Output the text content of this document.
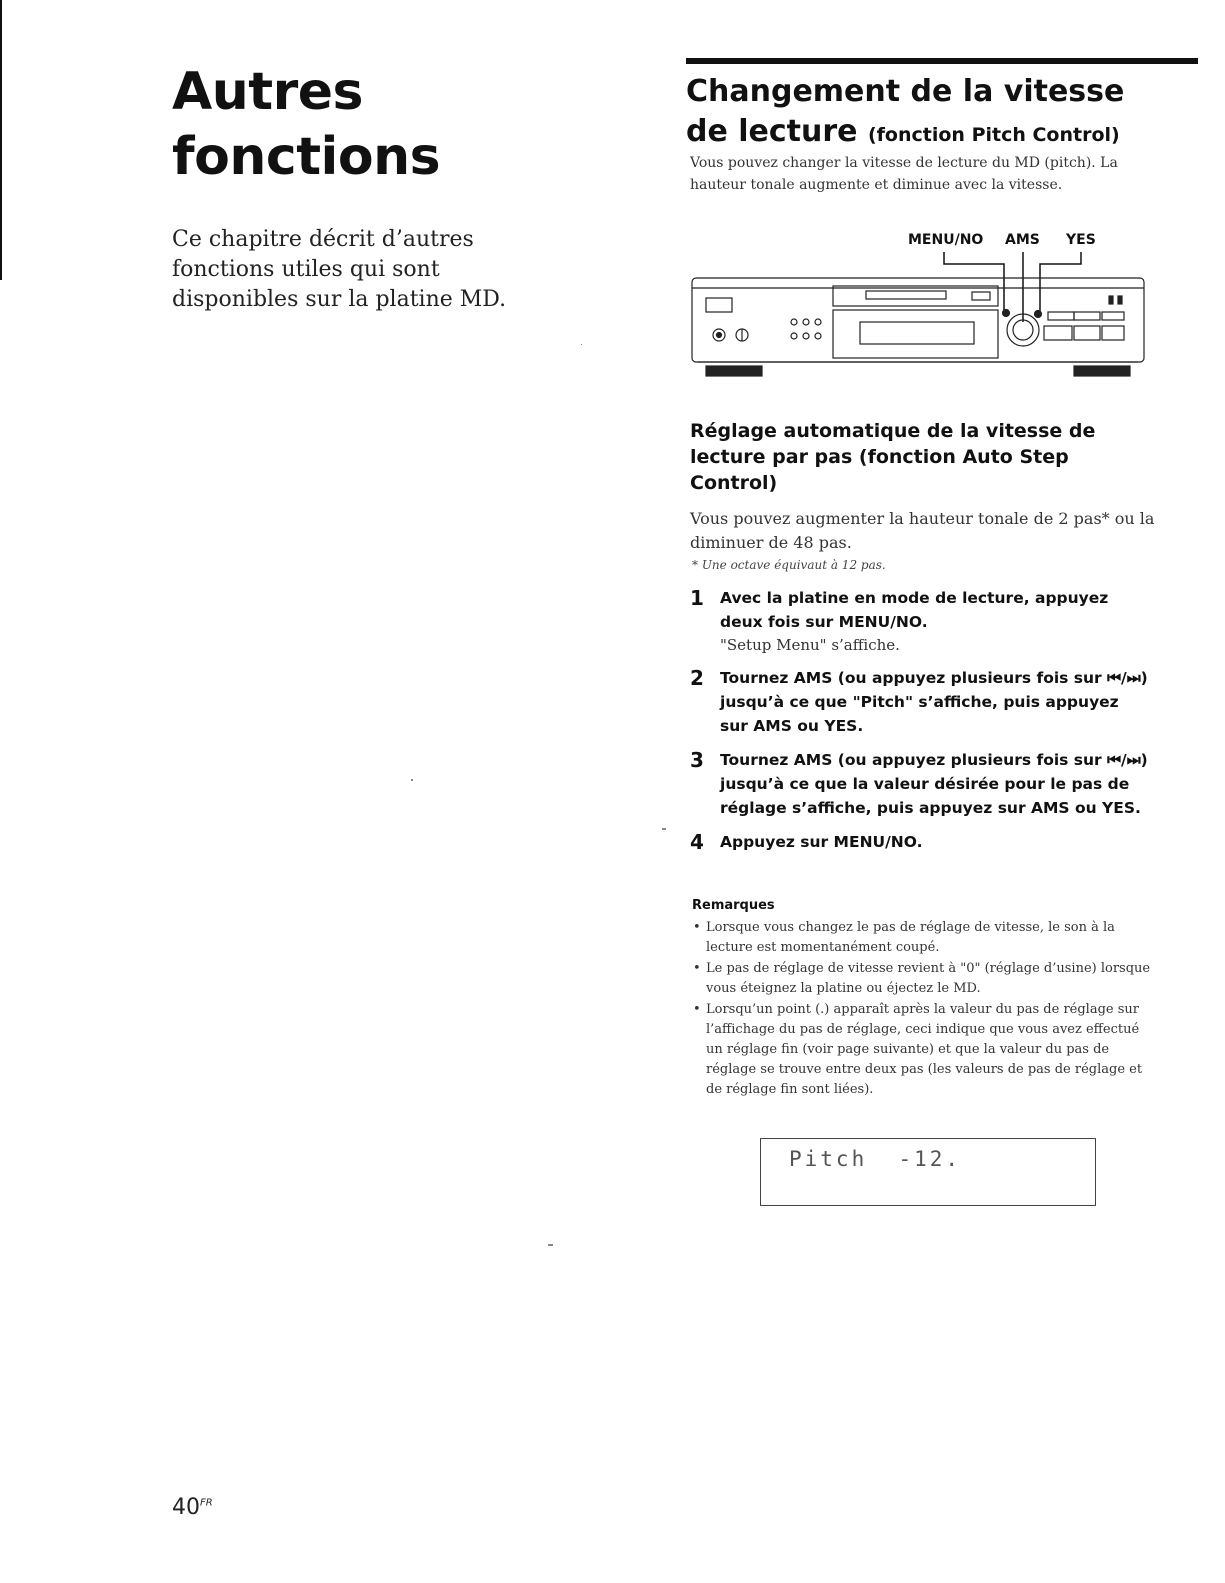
Autres
fonctions

Ce chapitre décrit d’autres fonctions utiles qui sont disponibles sur la platine MD.

Changement de la vitesse
de lecture (fonction Pitch Control)

Vous pouvez changer la vitesse de lecture du MD (pitch). La hauteur tonale augmente et diminue avec la vitesse.

MENU/NO AMS YES
Réglage automatique de la vitesse de lecture par pas (fonction Auto Step Control)

Vous pouvez augmenter la hauteur tonale de 2 pas* ou la diminuer de 48 pas.

* Une octave équivaut à 12 pas.

1 Avec la platine en mode de lecture, appuyez deux fois sur MENU/NO.

"Setup Menu" s’affiche.

2 Tournez AMS (ou appuyez plusieurs fois sur ⏮/⏭) jusqu’à ce que "Pitch" s’affiche, puis appuyez sur AMS ou YES.

3 Tournez AMS (ou appuyez plusieurs fois sur ⏮/⏭) jusqu’à ce que la valeur désirée pour le pas de réglage s’affiche, puis appuyez sur AMS ou YES.

4 Appuyez sur MENU/NO.

Remarques

• Lorsque vous changez le pas de réglage de vitesse, le son à la lecture est momentanément coupé.
• Le pas de réglage de vitesse revient à "0" (réglage d’usine) lorsque vous éteignez la platine ou éjectez le MD.
• Lorsqu’un point (.) apparaît après la valeur du pas de réglage sur l’affichage du pas de réglage, ceci indique que vous avez effectué un réglage fin (voir page suivante) et que la valeur du pas de réglage se trouve entre deux pas (les valeurs de pas de réglage et de réglage fin sont liées).

Pitch  -12.

$40^{FR}$
